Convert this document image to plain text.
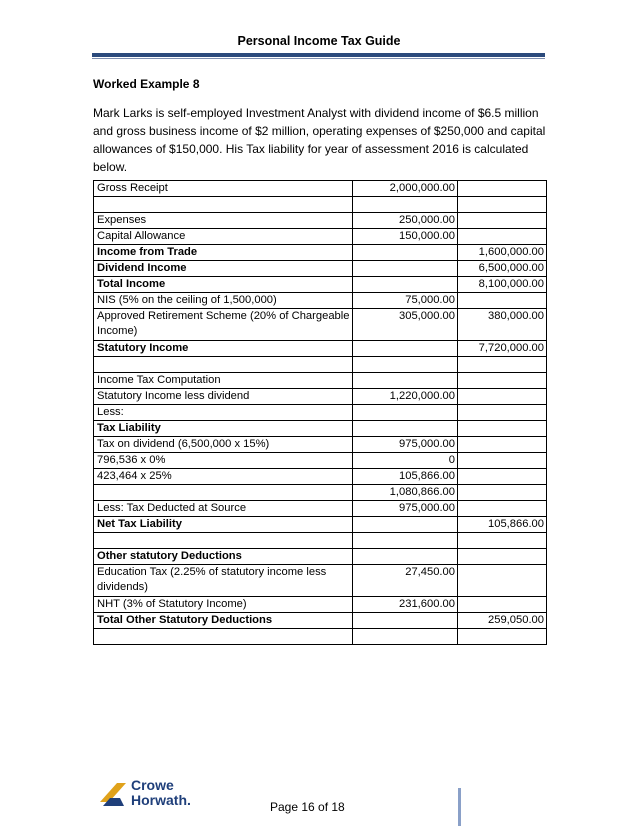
Personal Income Tax Guide
Worked Example 8
Mark Larks is self-employed Investment Analyst with dividend income of $6.5 million
and gross business income of $2 million, operating expenses of $250,000 and capital
allowances of $150,000. His Tax liability for year of assessment 2016 is calculated below.
Gross Receipt	2,000,000.00	

Expenses	250,000.00	
Capital Allowance	150,000.00	
Income from Trade		1,600,000.00
Dividend Income		6,500,000.00
Total Income		8,100,000.00
NIS (5% on the ceiling of 1,500,000)	75,000.00	
Approved Retirement Scheme (20% of Chargeable Income)	305,000.00	380,000.00
Statutory Income		7,720,000.00

Income Tax Computation		
Statutory Income less dividend	1,220,000.00	
Less:		
Tax Liability		
Tax on dividend (6,500,000 x 15%)	975,000.00	
796,536 x 0%	0	
423,464 x 25%	105,866.00	
	1,080,866.00	
Less: Tax Deducted at Source	975,000.00	
Net Tax Liability		105,866.00

Other statutory Deductions		
Education Tax (2.25% of statutory income less dividends)	27,450.00	
NHT (3% of Statutory Income)	231,600.00	
Total Other Statutory Deductions		259,050.00

Crowe
Horwath.	Page 16 of 18
